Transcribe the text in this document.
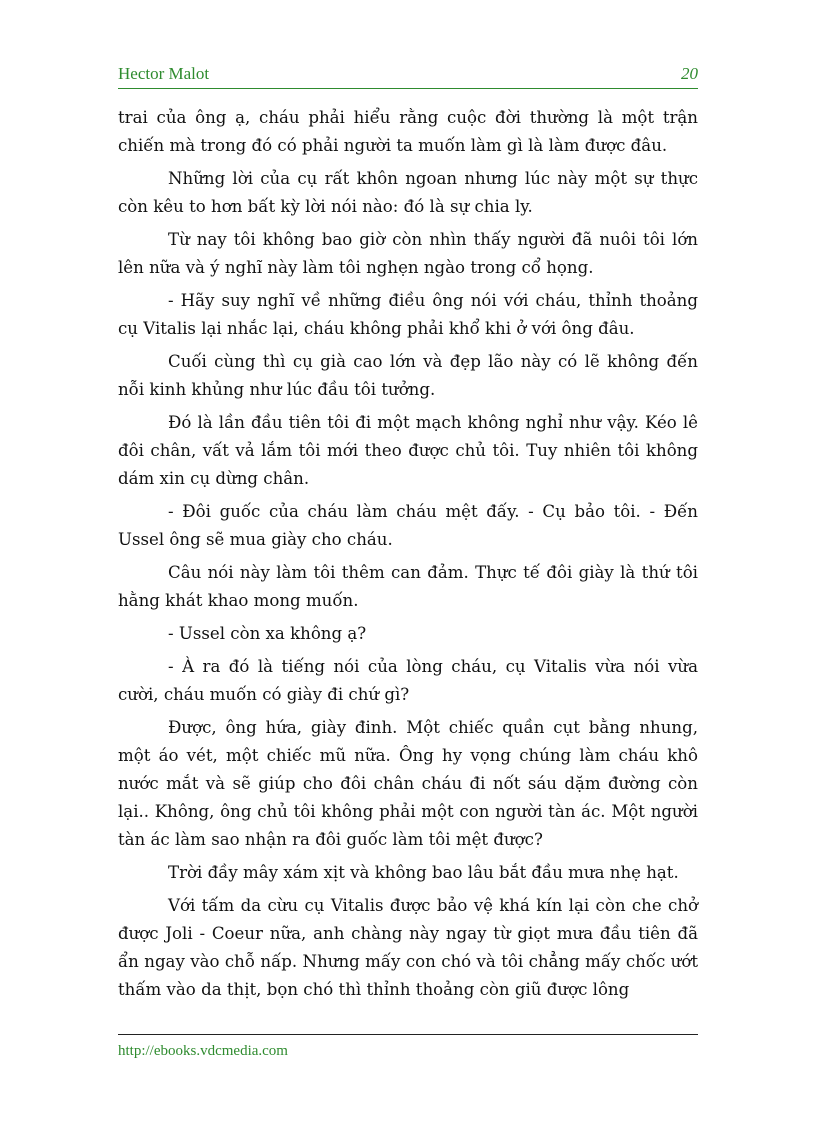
Hector Malot	20

trai của ông ạ, cháu phải hiểu rằng cuộc đời thường là một trận chiến mà trong đó có phải người ta muốn làm gì là làm được đâu.

Những lời của cụ rất khôn ngoan nhưng lúc này một sự thực còn kêu to hơn bất kỳ lời nói nào: đó là sự chia ly.

Từ nay tôi không bao giờ còn nhìn thấy người đã nuôi tôi lớn lên nữa và ý nghĩ này làm tôi nghẹn ngào trong cổ họng.

- Hãy suy nghĩ về những điều ông nói với cháu, thỉnh thoảng cụ Vitalis lại nhắc lại, cháu không phải khổ khi ở với ông đâu.

Cuối cùng thì cụ già cao lớn và đẹp lão này có lẽ không đến nỗi kinh khủng như lúc đầu tôi tưởng.

Đó là lần đầu tiên tôi đi một mạch không nghỉ như vậy. Kéo lê đôi chân, vất vả lắm tôi mới theo được chủ tôi. Tuy nhiên tôi không dám xin cụ dừng chân.

- Đôi guốc của cháu làm cháu mệt đấy. - Cụ bảo tôi. - Đến Ussel ông sẽ mua giày cho cháu.

Câu nói này làm tôi thêm can đảm. Thực tế đôi giày là thứ tôi hằng khát khao mong muốn.

- Ussel còn xa không ạ?

- À ra đó là tiếng nói của lòng cháu, cụ Vitalis vừa nói vừa cười, cháu muốn có giày đi chứ gì?

Được, ông hứa, giày đinh. Một chiếc quần cụt bằng nhung, một áo vét, một chiếc mũ nữa. Ông hy vọng chúng làm cháu khô nước mắt và sẽ giúp cho đôi chân cháu đi nốt sáu dặm đường còn lại.. Không, ông chủ tôi không phải một con người tàn ác. Một người tàn ác làm sao nhận ra đôi guốc làm tôi mệt được?

Trời đầy mây xám xịt và không bao lâu bắt đầu mưa nhẹ hạt.

Với tấm da cừu cụ Vitalis được bảo vệ khá kín lại còn che chở được Joli - Coeur nữa, anh chàng này ngay từ giọt mưa đầu tiên đã ẩn ngay vào chỗ nấp. Nhưng mấy con chó và tôi chẳng mấy chốc ướt thấm vào da thịt, bọn chó thì thỉnh thoảng còn giũ được lông

http://ebooks.vdcmedia.com
